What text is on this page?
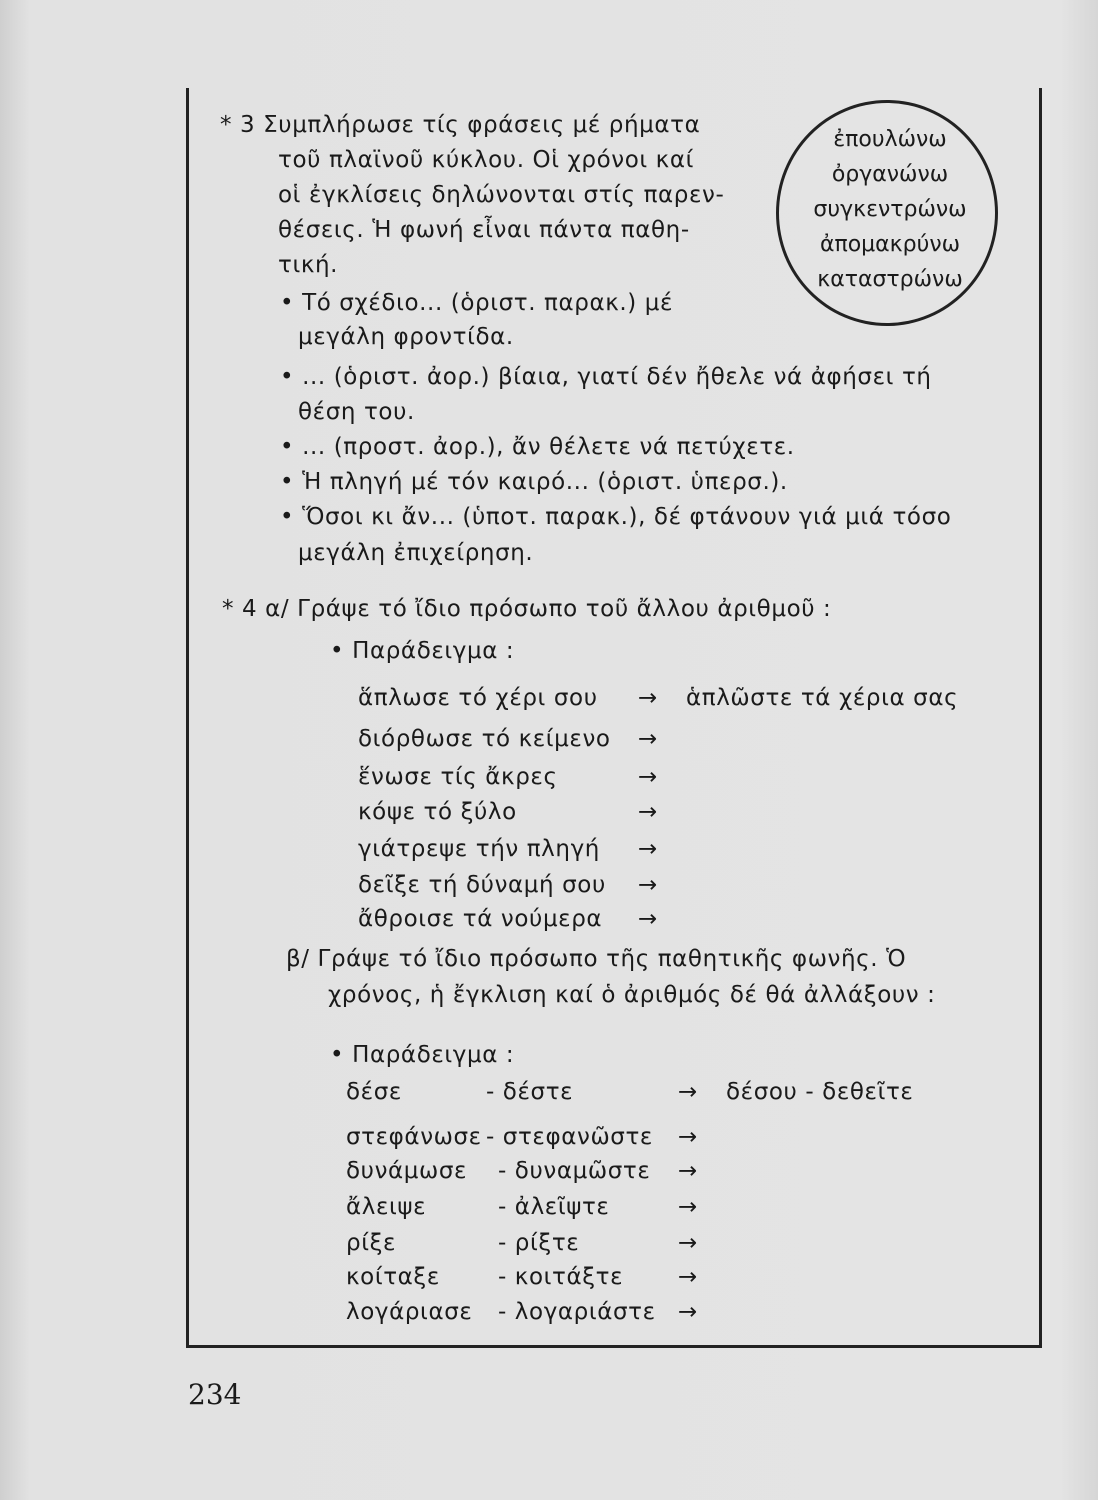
ἐπουλώνω
ὀργανώνω
συγκεντρώνω
ἀπομακρύνω
καταστρώνω
* 3 Συμπλήρωσε τίς φράσεις μέ ρήματα
τοῦ πλαϊνοῦ κύκλου. Οἱ χρόνοι καί
οἱ ἐγκλίσεις δηλώνονται στίς παρεν-
θέσεις. Ἡ φωνή εἶναι πάντα παθη-
τική.
• Τό σχέδιο... (ὁριστ. παρακ.) μέ
μεγάλη φροντίδα.
• ... (ὁριστ. ἀορ.) βίαια, γιατί δέν ἤθελε νά ἀφήσει τή
θέση του.
• ... (προστ. ἀορ.), ἄν θέλετε νά πετύχετε.
• Ἡ πληγή μέ τόν καιρό... (ὁριστ. ὑπερσ.).
• Ὅσοι κι ἄν... (ὑποτ. παρακ.), δέ φτάνουν γιά μιά τόσο
μεγάλη ἐπιχείρηση.
* 4 α/ Γράψε τό ἴδιο πρόσωπο τοῦ ἄλλου ἀριθμοῦ :
• Παράδειγμα :
ἅπλωσε τό χέρι σου → ἁπλῶστε τά χέρια σας
διόρθωσε τό κείμενο →
ἕνωσε τίς ἄκρες	→
κόψε τό ξύλο	→
γιάτρεψε τήν πληγή →
δεῖξε τή δύναμή σου →
ἄθροισε τά νούμερα →
β/ Γράψε τό ἴδιο πρόσωπο τῆς παθητικῆς φωνῆς. Ὁ
χρόνος, ἡ ἔγκλιση καί ὁ ἀριθμός δέ θά ἀλλάξουν :
• Παράδειγμα :
δέσε	- δέστε	→ δέσου - δεθεῖτε
στεφάνωσε - στεφανῶστε →
δυνάμωσε - δυναμῶστε →
ἄλειψε	- ἀλεῖψτε	→
ρίξε	- ρίξτε	→
κοίταξε	- κοιτάξτε →
λογάριασε - λογαριάστε →
234
